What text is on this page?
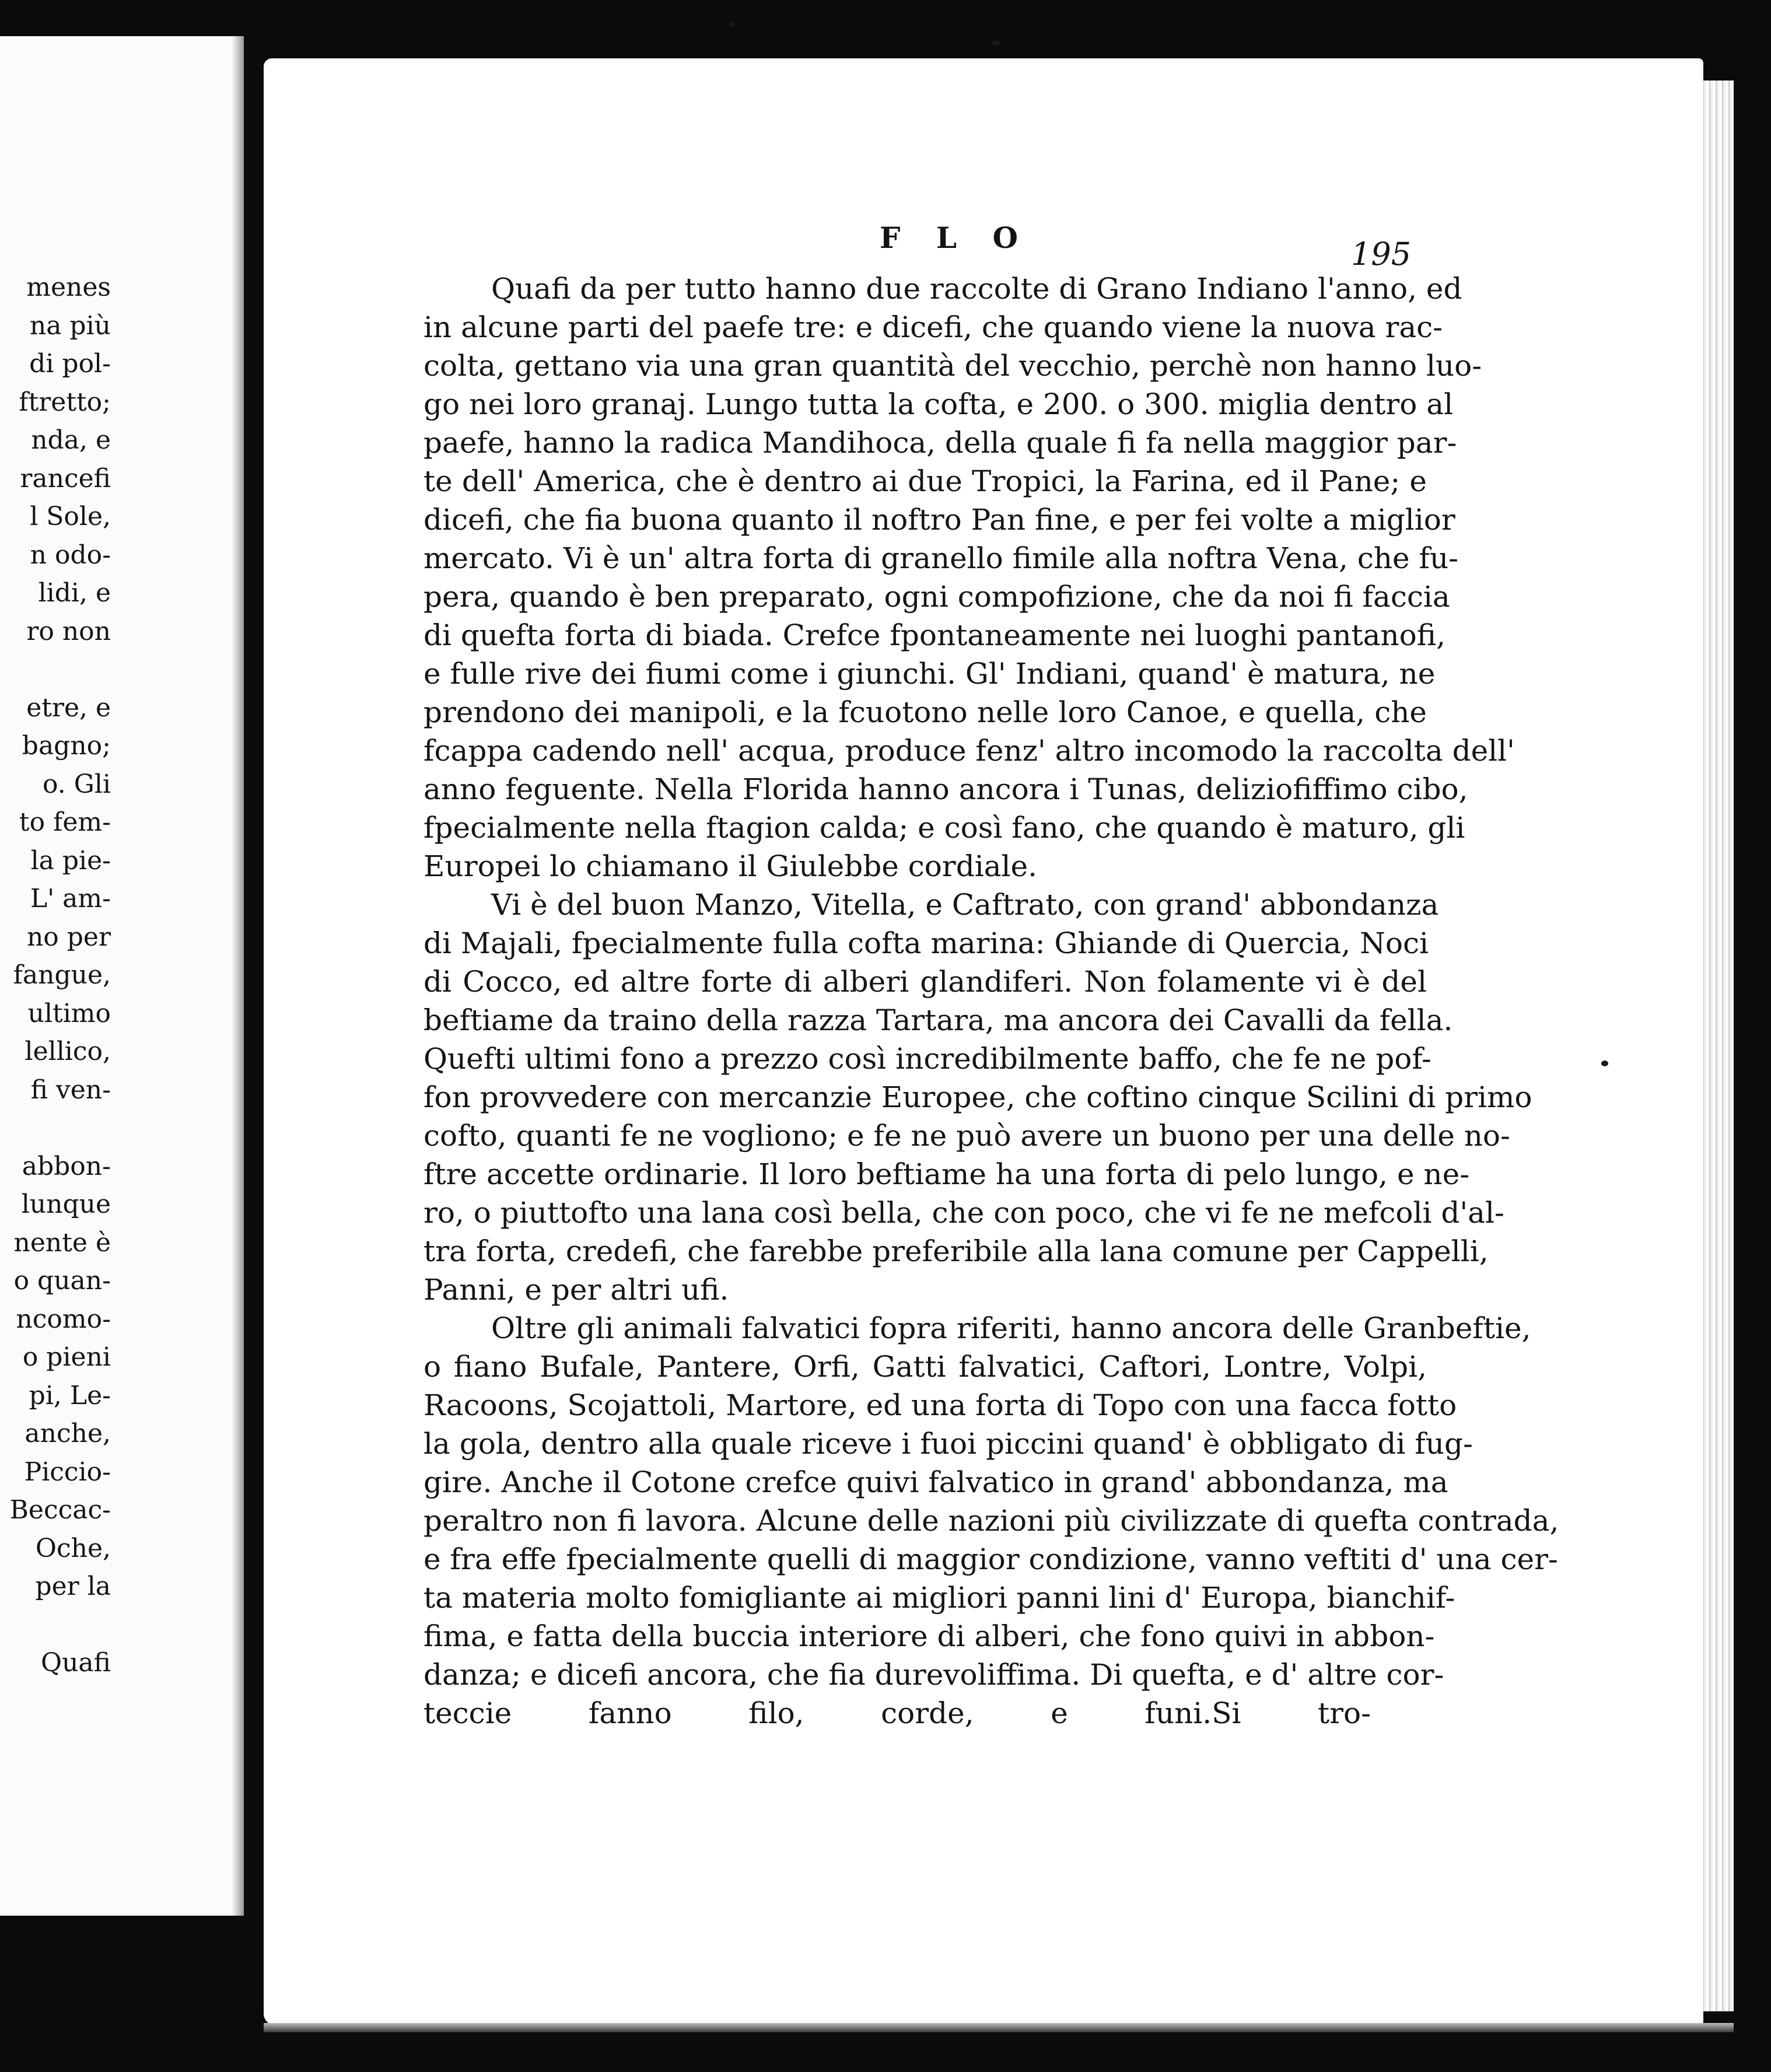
menes
na più
di pol-
ftretto;
nda, e
rancefi
l Sole,
n odo-
lidi, e
ro non
etre, e
bagno;
o. Gli
to fem-
la pie-
L' am-
no per
fangue,
ultimo
lellico,
fi ven-
abbon-
lunque
nente è
o quan-
ncomo-
o pieni
pi, Le-
anche,
Piccio-
Beccac-
Oche,
per la
Quafi
F L O	195
Quafi da per tutto hanno due raccolte di Grano Indiano l'anno, ed
in alcune parti del paefe tre: e dicefi, che quando viene la nuova rac-
colta, gettano via una gran quantità del vecchio, perchè non hanno luo-
go nei loro granaj. Lungo tutta la cofta, e 200. o 300. miglia dentro al
paefe, hanno la radica Mandihoca, della quale fi fa nella maggior par-
te dell' America, che è dentro ai due Tropici, la Farina, ed il Pane; e
dicefi, che fia buona quanto il noftro Pan fine, e per fei volte a miglior
mercato. Vi è un' altra forta di granello fimile alla noftra Vena, che fu-
pera, quando è ben preparato, ogni compofizione, che da noi fi faccia
di quefta forta di biada. Crefce fpontaneamente nei luoghi pantanofi,
e fulle rive dei fiumi come i giunchi. Gl' Indiani, quand' è matura, ne
prendono dei manipoli, e la fcuotono nelle loro Canoe, e quella, che
fcappa cadendo nell' acqua, produce fenz' altro incomodo la raccolta dell'
anno feguente. Nella Florida hanno ancora i Tunas, deliziofiffimo cibo,
fpecialmente nella ftagion calda; e così fano, che quando è maturo, gli
Europei lo chiamano il Giulebbe cordiale.
Vi è del buon Manzo, Vitella, e Caftrato, con grand' abbondanza
di Majali, fpecialmente fulla cofta marina: Ghiande di Quercia, Noci
di Cocco, ed altre forte di alberi glandiferi. Non folamente vi è del
beftiame da traino della razza Tartara, ma ancora dei Cavalli da fella.
Quefti ultimi fono a prezzo così incredibilmente baffo, che fe ne pof-
fon provvedere con mercanzie Europee, che coftino cinque Scilini di primo
cofto, quanti fe ne vogliono; e fe ne può avere un buono per una delle no-
ftre accette ordinarie. Il loro beftiame ha una forta di pelo lungo, e ne-
ro, o piuttofto una lana così bella, che con poco, che vi fe ne mefcoli d'al-
tra forta, credefi, che farebbe preferibile alla lana comune per Cappelli,
Panni, e per altri ufi.
Oltre gli animali falvatici fopra riferiti, hanno ancora delle Granbeftie,
o fiano Bufale, Pantere, Orfi, Gatti falvatici, Caftori, Lontre, Volpi,
Racoons, Scojattoli, Martore, ed una forta di Topo con una facca fotto
la gola, dentro alla quale riceve i fuoi piccini quand' è obbligato di fug-
gire. Anche il Cotone crefce quivi falvatico in grand' abbondanza, ma
peraltro non fi lavora. Alcune delle nazioni più civilizzate di quefta contrada,
e fra effe fpecialmente quelli di maggior condizione, vanno veftiti d' una cer-
ta materia molto fomigliante ai migliori panni lini d' Europa, bianchif-
fima, e fatta della buccia interiore di alberi, che fono quivi in abbon-
danza; e dicefi ancora, che fia durevoliffima. Di quefta, e d' altre cor-
teccie fanno filo, corde, e funi.Si tro-
